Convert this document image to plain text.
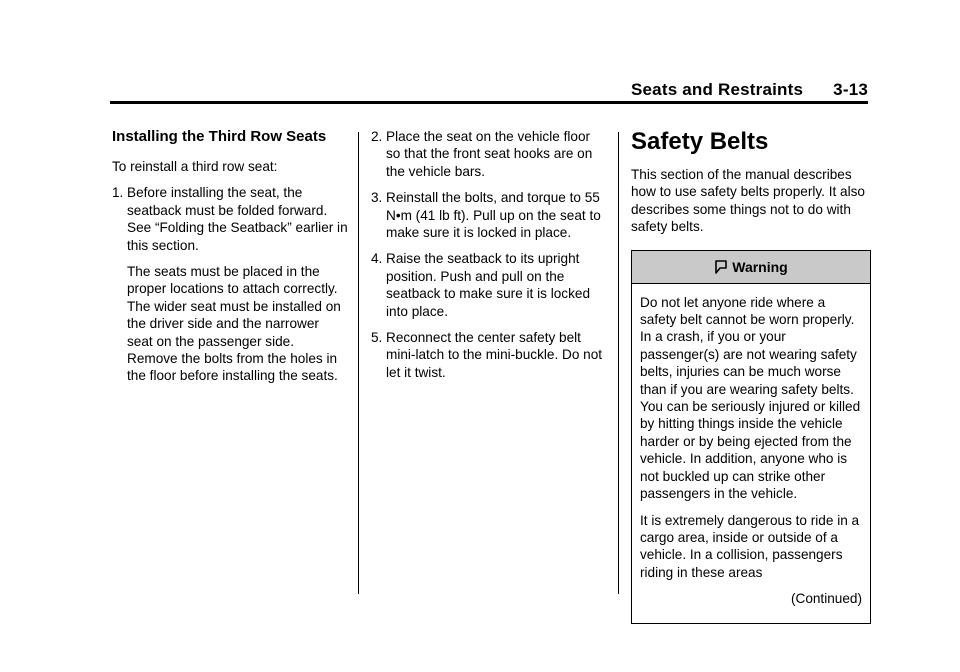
Seats and Restraints 3-13
Installing the Third Row Seats

To reinstall a third row seat:

1. Before installing the seat, the seatback must be folded forward. See “Folding the Seatback” earlier in this section.

The seats must be placed in the proper locations to attach correctly. The wider seat must be installed on the driver side and the narrower seat on the passenger side. Remove the bolts from the holes in the floor before installing the seats.

2. Place the seat on the vehicle floor so that the front seat hooks are on the vehicle bars.
3. Reinstall the bolts, and torque to 55 N•m (41 lb ft). Pull up on the seat to make sure it is locked in place.
4. Raise the seatback to its upright position. Push and pull on the seatback to make sure it is locked into place.
5. Reconnect the center safety belt mini-latch to the mini-buckle. Do not let it twist.
Safety Belts

This section of the manual describes how to use safety belts properly. It also describes some things not to do with safety belts.

Warning

Do not let anyone ride where a safety belt cannot be worn properly. In a crash, if you or your passenger(s) are not wearing safety belts, injuries can be much worse than if you are wearing safety belts. You can be seriously injured or killed by hitting things inside the vehicle harder or by being ejected from the vehicle. In addition, anyone who is not buckled up can strike other passengers in the vehicle.

It is extremely dangerous to ride in a cargo area, inside or outside of a vehicle. In a collision, passengers riding in these areas

(Continued)
